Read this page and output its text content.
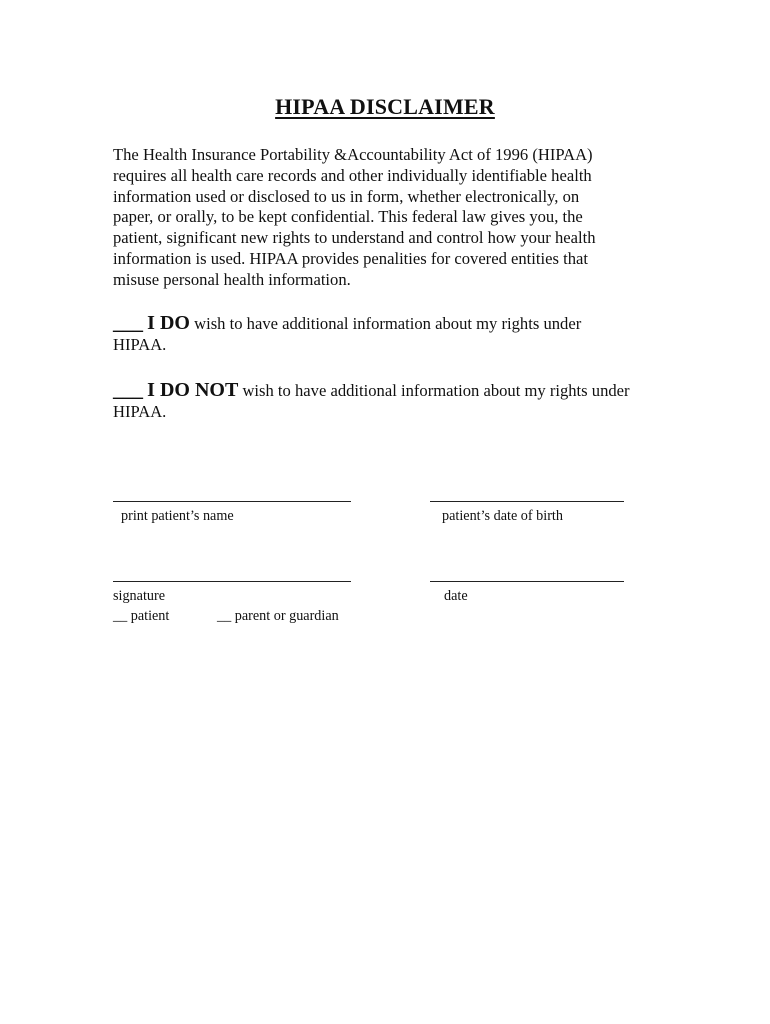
HIPAA DISCLAIMER
The Health Insurance Portability &Accountability Act of 1996 (HIPAA)
requires all health care records and other individually identifiable health
information used or disclosed to us in form, whether electronically, on
paper, or orally, to be kept confidential. This federal law gives you, the
patient, significant new rights to understand and control how your health
information is used. HIPAA provides penalities for covered entities that
misuse personal health information.
___ I DO wish to have additional information about my rights under
HIPAA.
___ I DO NOT wish to have additional information about my rights under
HIPAA.
print patient’s name	patient’s date of birth
signature	date
__ patient	__ parent or guardian
